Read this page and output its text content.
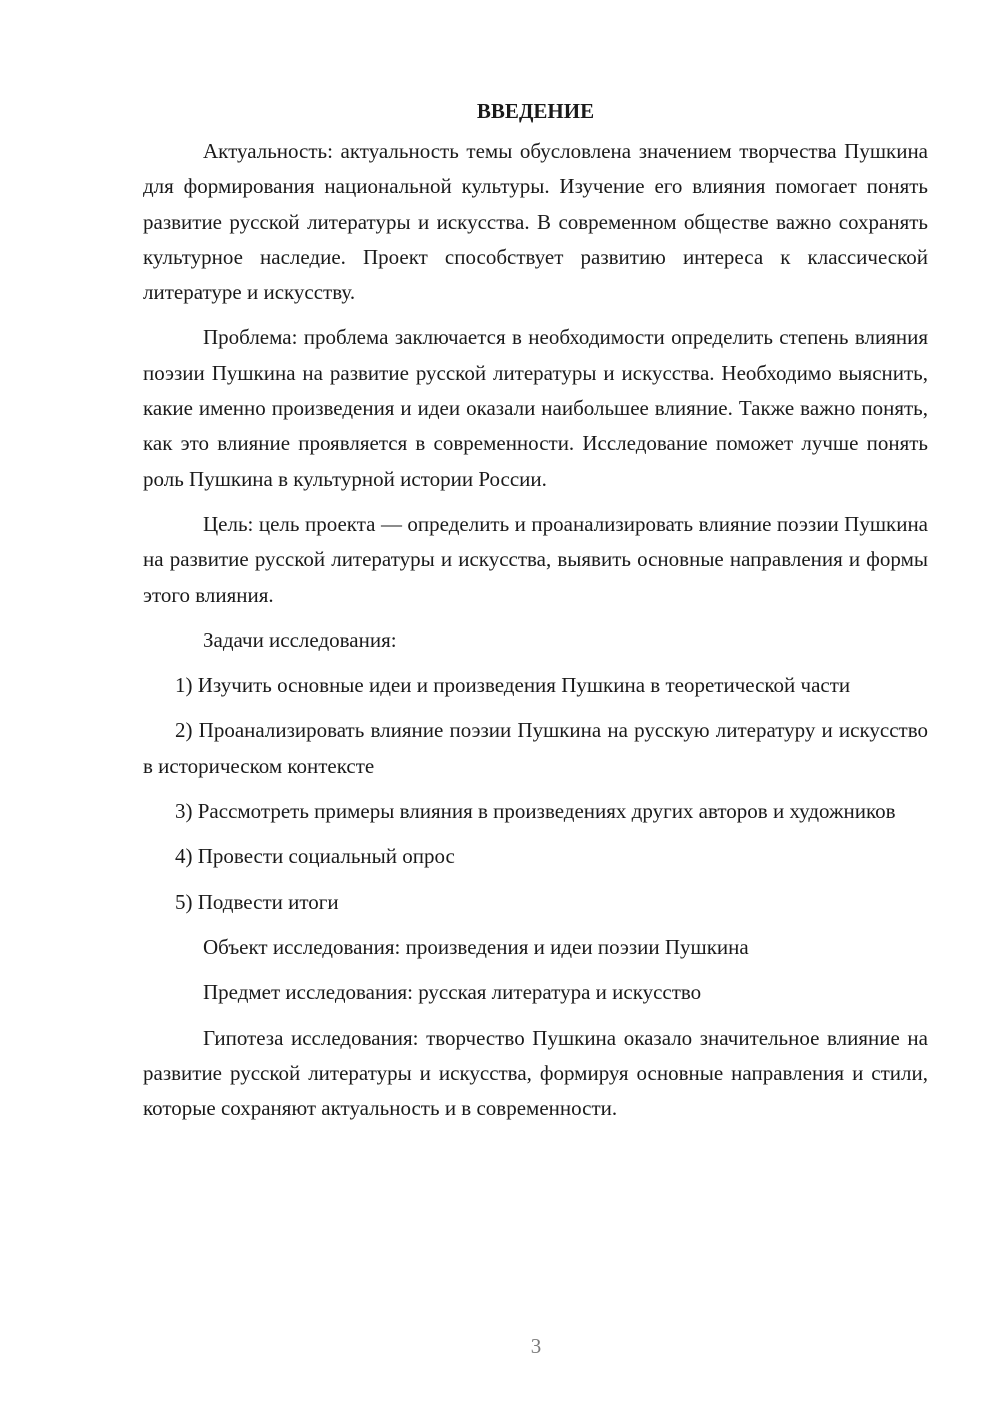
ВВЕДЕНИЕ

Актуальность: актуальность темы обусловлена значением творчества Пушкина для формирования национальной культуры. Изучение его влияния помогает понять развитие русской литературы и искусства. В современном обществе важно сохранять культурное наследие. Проект способствует развитию интереса к классической литературе и искусству.

Проблема: проблема заключается в необходимости определить степень влияния поэзии Пушкина на развитие русской литературы и искусства. Необходимо выяснить, какие именно произведения и идеи оказали наибольшее влияние. Также важно понять, как это влияние проявляется в современности. Исследование поможет лучше понять роль Пушкина в культурной истории России.

Цель: цель проекта — определить и проанализировать влияние поэзии Пушкина на развитие русской литературы и искусства, выявить основные направления и формы этого влияния.

Задачи исследования:

1) Изучить основные идеи и произведения Пушкина в теоретической части

2) Проанализировать влияние поэзии Пушкина на русскую литературу и искусство в историческом контексте

3) Рассмотреть примеры влияния в произведениях других авторов и художников

4) Провести социальный опрос

5) Подвести итоги

Объект исследования: произведения и идеи поэзии Пушкина

Предмет исследования: русская литература и искусство

Гипотеза исследования: творчество Пушкина оказало значительное влияние на развитие русской литературы и искусства, формируя основные направления и стили, которые сохраняют актуальность и в современности.

3
